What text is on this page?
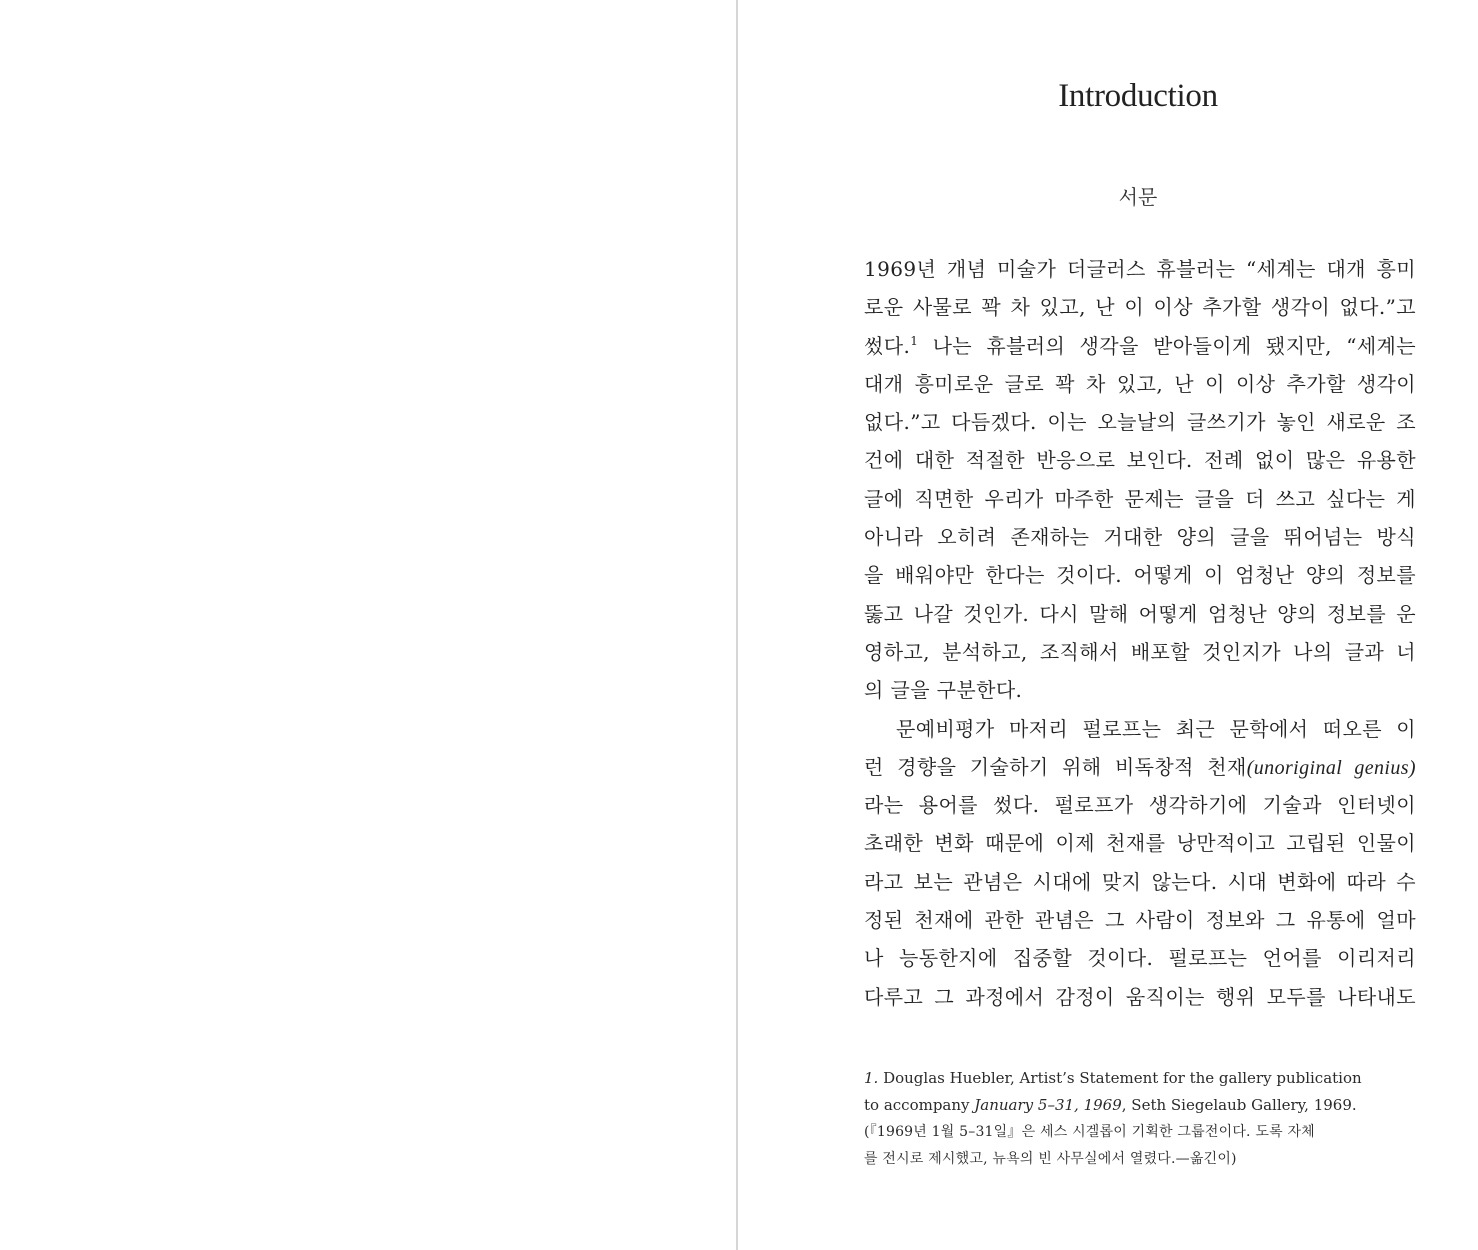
Introduction
서문
1969년 개념 미술가 더글러스 휴블러는 “세계는 대개 흥미
로운 사물로 꽉 차 있고, 난 이 이상 추가할 생각이 없다.”고
썼다.$^1$ 나는 휴블러의 생각을 받아들이게 됐지만, “세계는
대개 흥미로운 글로 꽉 차 있고, 난 이 이상 추가할 생각이
없다.”고 다듬겠다. 이는 오늘날의 글쓰기가 놓인 새로운 조
건에 대한 적절한 반응으로 보인다. 전례 없이 많은 유용한
글에 직면한 우리가 마주한 문제는 글을 더 쓰고 싶다는 게
아니라 오히려 존재하는 거대한 양의 글을 뛰어넘는 방식
을 배워야만 한다는 것이다. 어떻게 이 엄청난 양의 정보를
뚫고 나갈 것인가. 다시 말해 어떻게 엄청난 양의 정보를 운
영하고, 분석하고, 조직해서 배포할 것인지가 나의 글과 너
의 글을 구분한다.
문예비평가 마저리 펄로프는 최근 문학에서 떠오른 이
런 경향을 기술하기 위해 비독창적 천재(unoriginal genius)
라는 용어를 썼다. 펄로프가 생각하기에 기술과 인터넷이
초래한 변화 때문에 이제 천재를 낭만적이고 고립된 인물이
라고 보는 관념은 시대에 맞지 않는다. 시대 변화에 따라 수
정된 천재에 관한 관념은 그 사람이 정보와 그 유통에 얼마
나 능동한지에 집중할 것이다. 펄로프는 언어를 이리저리
다루고 그 과정에서 감정이 움직이는 행위 모두를 나타내도
1. Douglas Huebler, Artist’s Statement for the gallery publication
to accompany January 5–31, 1969, Seth Siegelaub Gallery, 1969.
(『1969년 1월 5–31일』은 세스 시겔롭이 기획한 그룹전이다. 도록 자체
를 전시로 제시했고, 뉴욕의 빈 사무실에서 열렸다.—옮긴이)
